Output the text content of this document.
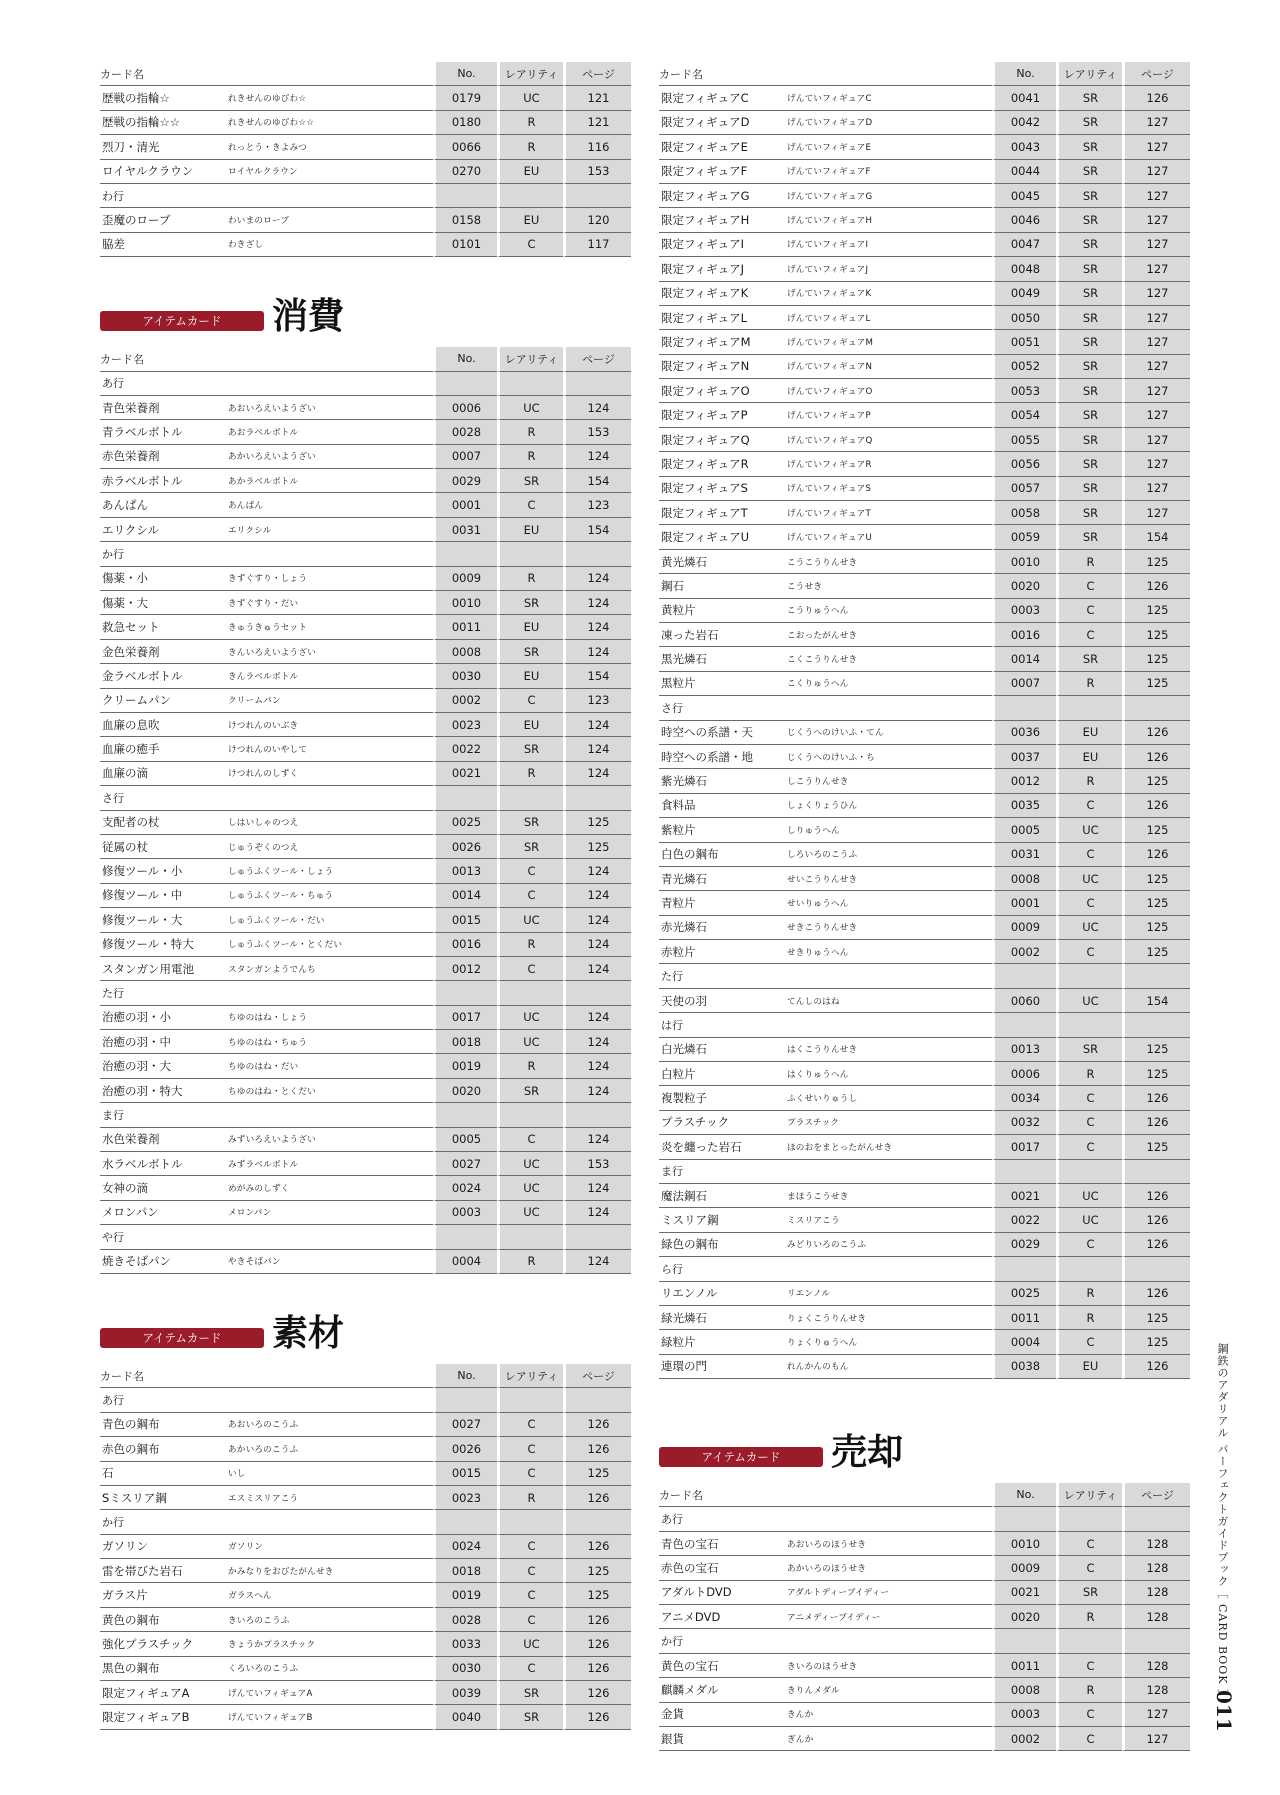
カード名		No.	レアリティ	ページ
歴戦の指輪☆	れきせんのゆびわ☆	0179	UC	121
歴戦の指輪☆☆	れきせんのゆびわ☆☆	0180	R	121
烈刀・清光	れっとう・きよみつ	0066	R	116
ロイヤルクラウン	ロイヤルクラウン	0270	EU	153
わ行				
歪魔のローブ	わいまのローブ	0158	EU	120
脇差	わきざし	0101	C	117
アイテムカード	消費
カード名		No.	レアリティ	ページ
あ行				
青色栄養剤	あおいろえいようざい	0006	UC	124
青ラベルボトル	あおラベルボトル	0028	R	153
赤色栄養剤	あかいろえいようざい	0007	R	124
赤ラベルボトル	あかラベルボトル	0029	SR	154
あんぱん	あんぱん	0001	C	123
エリクシル	エリクシル	0031	EU	154
か行				
傷薬・小	きずぐすり・しょう	0009	R	124
傷薬・大	きずぐすり・だい	0010	SR	124
救急セット	きゅうきゅうセット	0011	EU	124
金色栄養剤	きんいろえいようざい	0008	SR	124
金ラベルボトル	きんラベルボトル	0030	EU	154
クリームパン	クリームパン	0002	C	123
血廉の息吹	けつれんのいぶき	0023	EU	124
血廉の癒手	けつれんのいやして	0022	SR	124
血廉の滴	けつれんのしずく	0021	R	124
さ行				
支配者の杖	しはいしゃのつえ	0025	SR	125
従属の杖	じゅうぞくのつえ	0026	SR	125
修復ツール・小	しゅうふくツール・しょう	0013	C	124
修復ツール・中	しゅうふくツール・ちゅう	0014	C	124
修復ツール・大	しゅうふくツール・だい	0015	UC	124
修復ツール・特大	しゅうふくツール・とくだい	0016	R	124
スタンガン用電池	スタンガンようでんち	0012	C	124
た行				
治癒の羽・小	ちゆのはね・しょう	0017	UC	124
治癒の羽・中	ちゆのはね・ちゅう	0018	UC	124
治癒の羽・大	ちゆのはね・だい	0019	R	124
治癒の羽・特大	ちゆのはね・とくだい	0020	SR	124
ま行				
水色栄養剤	みずいろえいようざい	0005	C	124
水ラベルボトル	みずラベルボトル	0027	UC	153
女神の滴	めがみのしずく	0024	UC	124
メロンパン	メロンパン	0003	UC	124
や行				
焼きそばパン	やきそばパン	0004	R	124
アイテムカード	素材
カード名		No.	レアリティ	ページ
あ行				
青色の鋼布	あおいろのこうふ	0027	C	126
赤色の鋼布	あかいろのこうふ	0026	C	126
石	いし	0015	C	125
Sミスリア鋼	エスミスリアこう	0023	R	126
か行				
ガソリン	ガソリン	0024	C	126
雷を帯びた岩石	かみなりをおびたがんせき	0018	C	125
ガラス片	ガラスへん	0019	C	125
黄色の鋼布	きいろのこうふ	0028	C	126
強化プラスチック	きょうかプラスチック	0033	UC	126
黒色の鋼布	くろいろのこうふ	0030	C	126
限定フィギュアA	げんていフィギュアA	0039	SR	126
限定フィギュアB	げんていフィギュアB	0040	SR	126
カード名		No.	レアリティ	ページ
限定フィギュアC	げんていフィギュアC	0041	SR	126
限定フィギュアD	げんていフィギュアD	0042	SR	127
限定フィギュアE	げんていフィギュアE	0043	SR	127
限定フィギュアF	げんていフィギュアF	0044	SR	127
限定フィギュアG	げんていフィギュアG	0045	SR	127
限定フィギュアH	げんていフィギュアH	0046	SR	127
限定フィギュアI	げんていフィギュアI	0047	SR	127
限定フィギュアJ	げんていフィギュアJ	0048	SR	127
限定フィギュアK	げんていフィギュアK	0049	SR	127
限定フィギュアL	げんていフィギュアL	0050	SR	127
限定フィギュアM	げんていフィギュアM	0051	SR	127
限定フィギュアN	げんていフィギュアN	0052	SR	127
限定フィギュアO	げんていフィギュアO	0053	SR	127
限定フィギュアP	げんていフィギュアP	0054	SR	127
限定フィギュアQ	げんていフィギュアQ	0055	SR	127
限定フィギュアR	げんていフィギュアR	0056	SR	127
限定フィギュアS	げんていフィギュアS	0057	SR	127
限定フィギュアT	げんていフィギュアT	0058	SR	127
限定フィギュアU	げんていフィギュアU	0059	SR	154
黄光燐石	こうこうりんせき	0010	R	125
鋼石	こうせき	0020	C	126
黄粒片	こうりゅうへん	0003	C	125
凍った岩石	こおったがんせき	0016	C	125
黒光燐石	こくこうりんせき	0014	SR	125
黒粒片	こくりゅうへん	0007	R	125
さ行				
時空への系譜・天	じくうへのけいふ・てん	0036	EU	126
時空への系譜・地	じくうへのけいふ・ち	0037	EU	126
紫光燐石	しこうりんせき	0012	R	125
食料品	しょくりょうひん	0035	C	126
紫粒片	しりゅうへん	0005	UC	125
白色の鋼布	しろいろのこうふ	0031	C	126
青光燐石	せいこうりんせき	0008	UC	125
青粒片	せいりゅうへん	0001	C	125
赤光燐石	せきこうりんせき	0009	UC	125
赤粒片	せきりゅうへん	0002	C	125
た行				
天使の羽	てんしのはね	0060	UC	154
は行				
白光燐石	はくこうりんせき	0013	SR	125
白粒片	はくりゅうへん	0006	R	125
複製粒子	ふくせいりゅうし	0034	C	126
プラスチック	プラスチック	0032	C	126
炎を纏った岩石	ほのおをまとったがんせき	0017	C	125
ま行				
魔法鋼石	まほうこうせき	0021	UC	126
ミスリア鋼	ミスリアこう	0022	UC	126
緑色の鋼布	みどりいろのこうふ	0029	C	126
ら行				
リエンノル	リエンノル	0025	R	126
緑光燐石	りょくこうりんせき	0011	R	125
緑粒片	りょくりゅうへん	0004	C	125
連環の門	れんかんのもん	0038	EU	126
アイテムカード	売却
カード名		No.	レアリティ	ページ
あ行				
青色の宝石	あおいろのほうせき	0010	C	128
赤色の宝石	あかいろのほうせき	0009	C	128
アダルトDVD	アダルトディーブイディー	0021	SR	128
アニメDVD	アニメディーブイディー	0020	R	128
か行				
黄色の宝石	きいろのほうせき	0011	C	128
麒麟メダル	きりんメダル	0008	R	128
金貨	きんか	0003	C	127
銀貨	ぎんか	0002	C	127
鋼鉄のアダリアル パーフェクトガイドブック［ CARD BOOK ］
011
